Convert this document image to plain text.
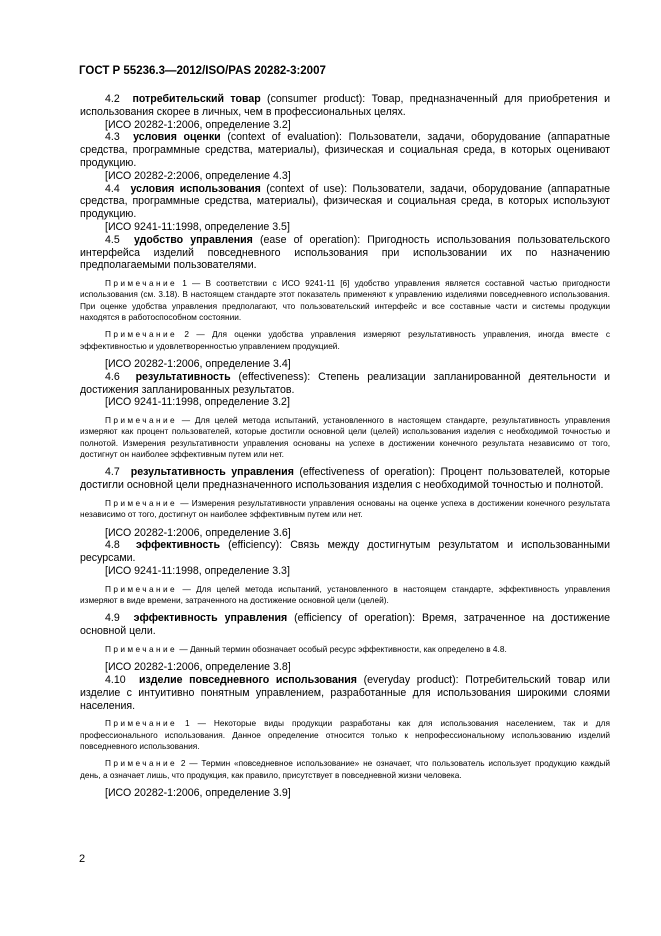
ГОСТ Р 55236.3—2012/ISO/PAS 20282-3:2007

4.2 потребительский товар (consumer product): Товар, предназначенный для приобретения и использования скорее в личных, чем в профессиональных целях.

[ИСО 20282-1:2006, определение 3.2]

4.3 условия оценки (context of evaluation): Пользователи, задачи, оборудование (аппаратные средства, программные средства, материалы), физическая и социальная среда, в которых оценивают продукцию.

[ИСО 20282-2:2006, определение 4.3]

4.4 условия использования (context of use): Пользователи, задачи, оборудование (аппаратные средства, программные средства, материалы), физическая и социальная среда, в которых используют продукцию.

[ИСО 9241-11:1998, определение 3.5]

4.5 удобство управления (ease of operation): Пригодность использования пользовательского интерфейса изделий повседневного использования при использовании их по назначению предполагаемыми пользователями.

Примечание 1 — В соответствии с ИСО 9241-11 [6] удобство управления является составной частью пригодности использования (см. 3.18). В настоящем стандарте этот показатель применяют к управлению изделиями повседневного использования. При оценке удобства управления предполагают, что пользовательский интерфейс и все составные части и системы продукции находятся в работоспособном состоянии.

Примечание 2 — Для оценки удобства управления измеряют результативность управления, иногда вместе с эффективностью и удовлетворенностью управлением продукцией.

[ИСО 20282-1:2006, определение 3.4]

4.6 результативность (effectiveness): Степень реализации запланированной деятельности и достижения запланированных результатов.

[ИСО 9241-11:1998, определение 3.2]

Примечание — Для целей метода испытаний, установленного в настоящем стандарте, результативность управления измеряют как процент пользователей, которые достигли основной цели (целей) использования изделия с необходимой точностью и полнотой. Измерения результативности управления основаны на успехе в достижении конечного результата независимо от того, достигнут он наиболее эффективным путем или нет.

4.7 результативность управления (effectiveness of operation): Процент пользователей, которые достигли основной цели предназначенного использования изделия с необходимой точностью и полнотой.

Примечание — Измерения результативности управления основаны на оценке успеха в достижении конечного результата независимо от того, достигнут он наиболее эффективным путем или нет.

[ИСО 20282-1:2006, определение 3.6]

4.8 эффективность (efficiency): Связь между достигнутым результатом и использованными ресурсами.

[ИСО 9241-11:1998, определение 3.3]

Примечание — Для целей метода испытаний, установленного в настоящем стандарте, эффективность управления измеряют в виде времени, затраченного на достижение основной цели (целей).

4.9 эффективность управления (efficiency of operation): Время, затраченное на достижение основной цели.

Примечание — Данный термин обозначает особый ресурс эффективности, как определено в 4.8.

[ИСО 20282-1:2006, определение 3.8]

4.10 изделие повседневного использования (everyday product): Потребительский товар или изделие с интуитивно понятным управлением, разработанные для использования широкими слоями населения.

Примечание 1 — Некоторые виды продукции разработаны как для использования населением, так и для профессионального использования. Данное определение относится только к непрофессиональному использованию изделий повседневного использования.

Примечание 2 — Термин «повседневное использование» не означает, что пользователь использует продукцию каждый день, а означает лишь, что продукция, как правило, присутствует в повседневной жизни человека.

[ИСО 20282-1:2006, определение 3.9]

2
